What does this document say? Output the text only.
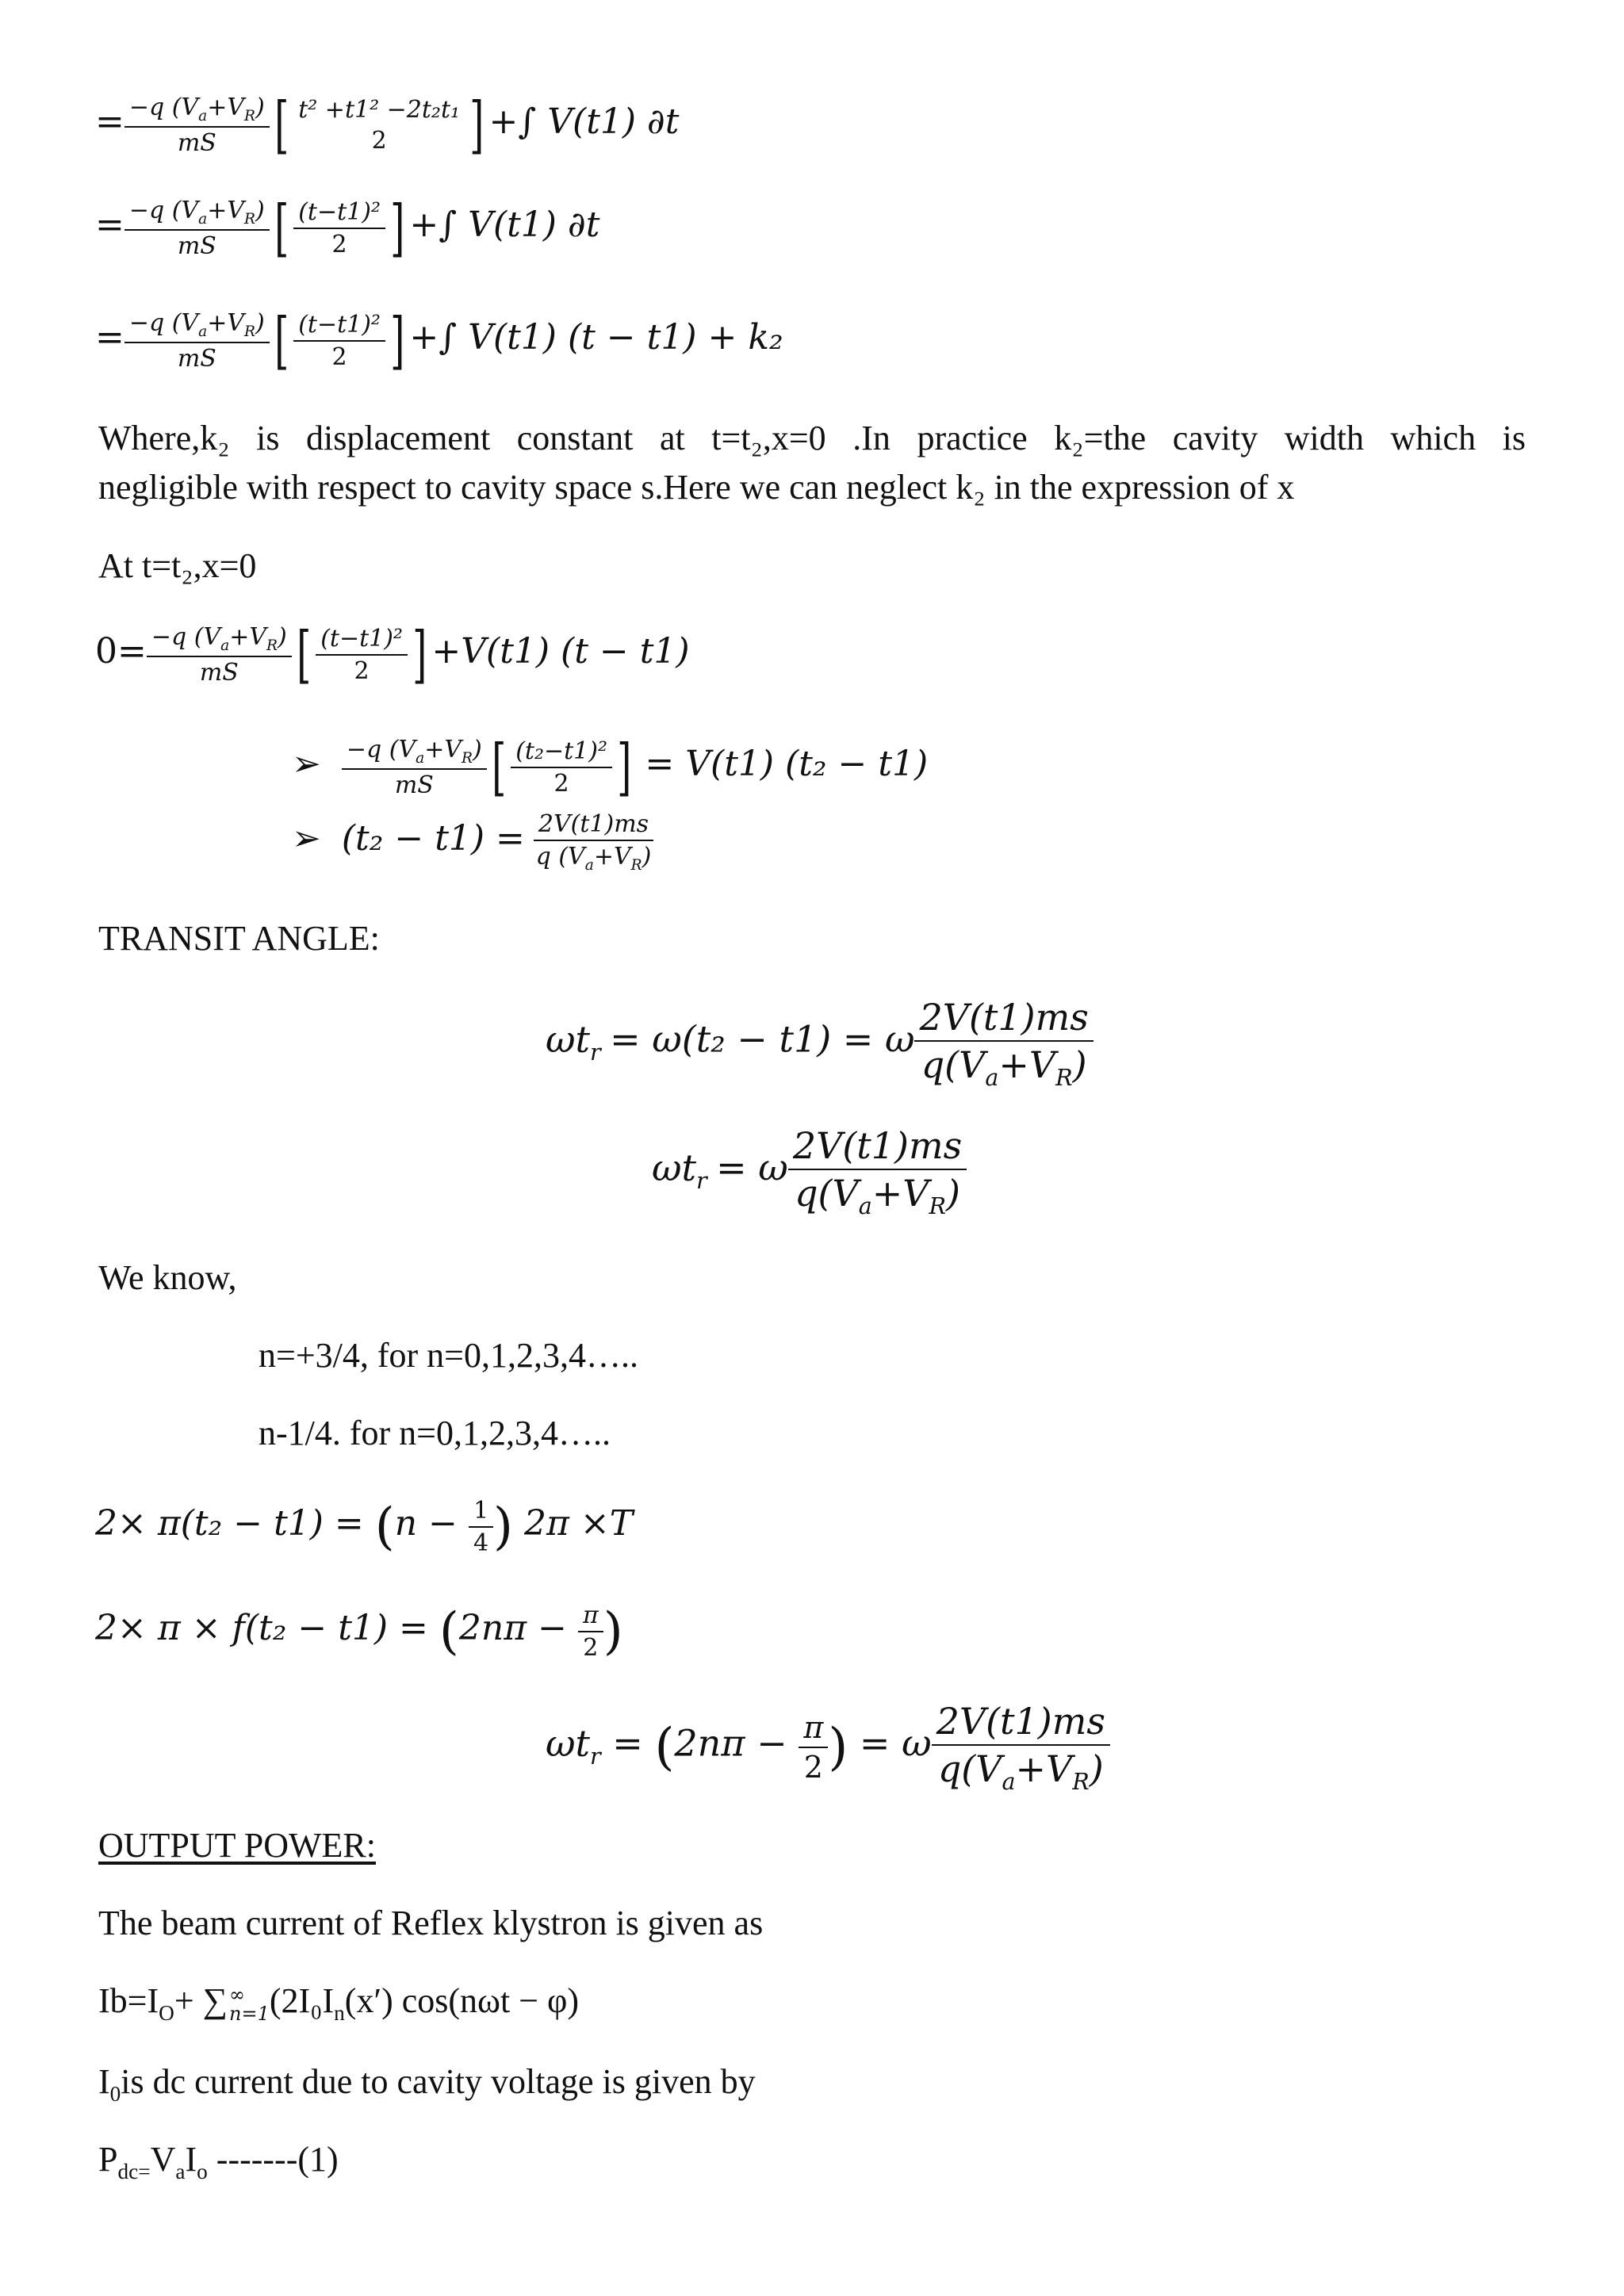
= $\frac{-q (V_a+V_R)}{mS}$ [ t² +t1² −2t₂t₁
2 ] +∫ V(t1) ∂t
= $\frac{-q (V_a+V_R)}{mS}$ [ $\frac{\text{(t−t1)²}}{2}$ ] +∫ V(t1) ∂t
= $\frac{-q (V_a+V_R)}{mS}$ [ $\frac{\text{(t−t1)²}}{2}$ ] +∫ V(t1) (t − t1) + k₂
Where,k₂ is displacement constant at t=t₂,x=0 .In practice k₂=the cavity width which is
negligible with respect to cavity space s.Here we can neglect k₂ in the expression of x
At t=t₂,x=0
$0= \frac{-q (V_a+V_R)}{mS}$ [ $\frac{\text{(t−t1)²}}{2}$ ] +V(t1) (t − t1)
➢ $\frac{-q (V_a+V_R)}{mS}$ [ $\frac{\text{(t₂−t1)²}}{2}$ ] = V(t1) (t₂ − t1)
➢ $(t_2 - t1) = \frac{2V(t1)ms}{q (V_a+V_R)}$
TRANSIT ANGLE:
$\omega t_r = \omega(t_2 - t1) = \omega \frac{2V(t1)ms}{q(V_a+V_R)}$
$\omega t_r = \omega \frac{2V(t1)ms}{q(V_a+V_R)}$
We know,
n=+3/4, for n=0,1,2,3,4…..
n-1/4. for n=0,1,2,3,4…..
$2\times \pi(t_2 - t1) = (n - \frac{1}{4}$ ) 2π ×T
$2\times \pi \times f(t_2 - t1) = (2n\pi - \frac{\pi}{2}$ )
$\omega t_r = (2n\pi - \frac{\pi}{2}$ ) = ω $\frac{2V(t1)ms}{q(V_a+V_R)}$
OUTPUT POWER:
The beam current of Reflex klystron is given as
$Ib=I_O+$ ∑ ∞
n=1 ($2I_0I_n(x') \cos(n\omega t - \varphi)$
$I_0is$ dc current due to cavity voltage is given by
$P_{dc=}V_aI_o$ -------(1)
